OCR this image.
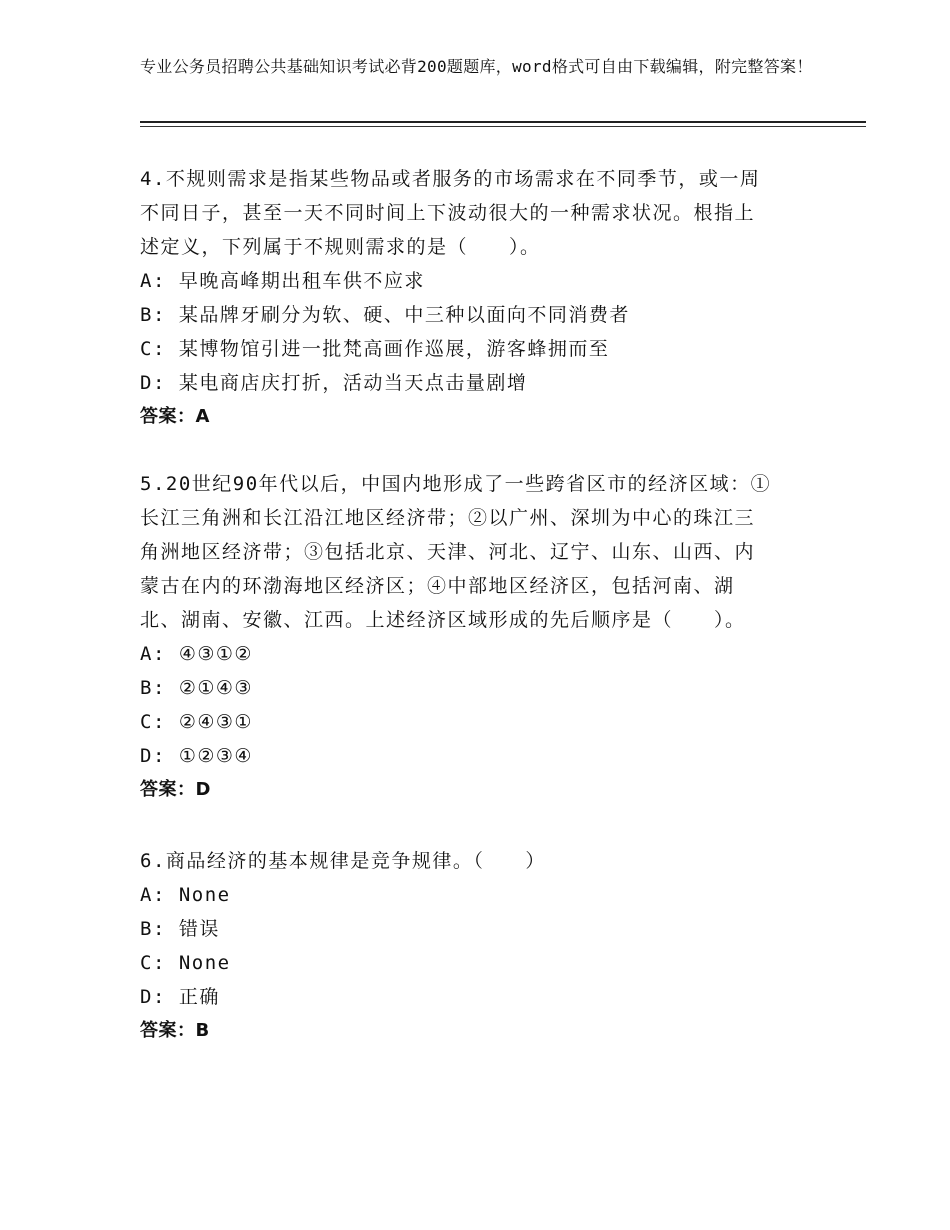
专业公务员招聘公共基础知识考试必背200题题库，word格式可自由下载编辑，附完整答案！

4.不规则需求是指某些物品或者服务的市场需求在不同季节，或一周

不同日子，甚至一天不同时间上下波动很大的一种需求状况。根指上

述定义，下列属于不规则需求的是（　　）。

A: 早晚高峰期出租车供不应求

B: 某品牌牙刷分为软、硬、中三种以面向不同消费者

C: 某博物馆引进一批梵高画作巡展，游客蜂拥而至

D: 某电商店庆打折，活动当天点击量剧增

答案：A

5.20世纪90年代以后，中国内地形成了一些跨省区市的经济区域：①

长江三角洲和长江沿江地区经济带；②以广州、深圳为中心的珠江三

角洲地区经济带；③包括北京、天津、河北、辽宁、山东、山西、内

蒙古在内的环渤海地区经济区；④中部地区经济区，包括河南、湖

北、湖南、安徽、江西。上述经济区域形成的先后顺序是（　　）。

A: ④③①②

B: ②①④③

C: ②④③①

D: ①②③④

答案：D

6.商品经济的基本规律是竞争规律。（　　）

A: None

B: 错误

C: None

D: 正确

答案：B
